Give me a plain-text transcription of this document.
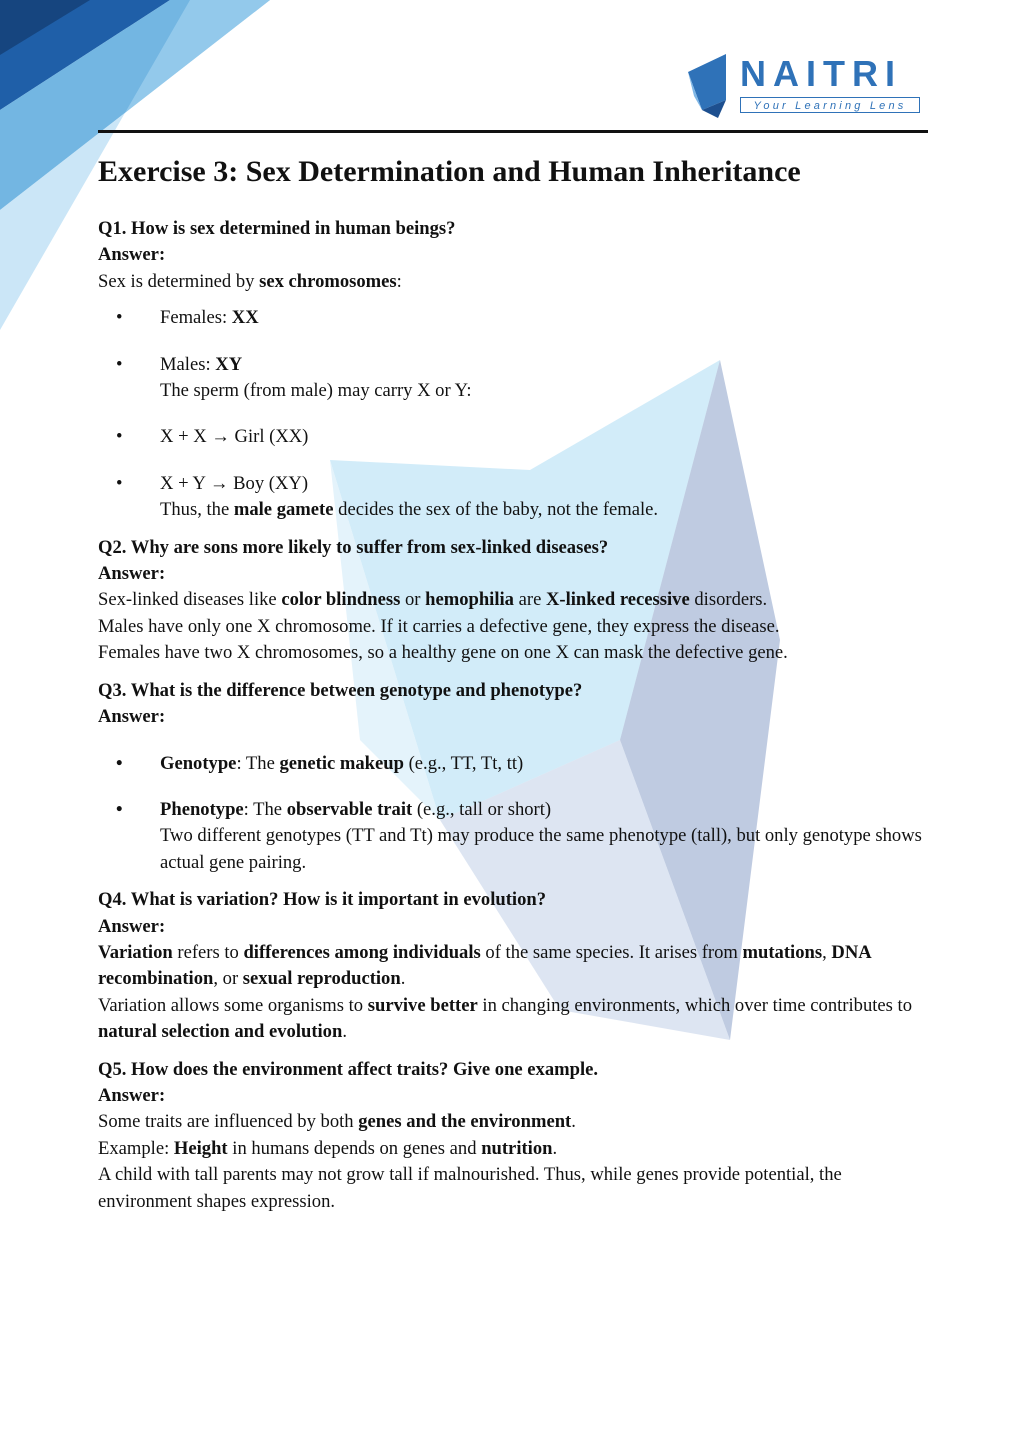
NAITRI
Your Learning Lens
Exercise 3: Sex Determination and Human Inheritance

Q1. How is sex determined in human beings?

Answer:

Sex is determined by sex chromosomes:

• Females: XX
• Males: XY
The sperm (from male) may carry X or Y:
• X + X → Girl (XX)
• X + Y → Boy (XY)
Thus, the male gamete decides the sex of the baby, not the female.

Q2. Why are sons more likely to suffer from sex-linked diseases?

Answer:

Sex-linked diseases like color blindness or hemophilia are X-linked recessive disorders.

Males have only one X chromosome. If it carries a defective gene, they express the disease.

Females have two X chromosomes, so a healthy gene on one X can mask the defective gene.

Q3. What is the difference between genotype and phenotype?

Answer:

• Genotype: The genetic makeup (e.g., TT, Tt, tt)
• Phenotype: The observable trait (e.g., tall or short)
Two different genotypes (TT and Tt) may produce the same phenotype (tall), but only genotype shows actual gene pairing.

Q4. What is variation? How is it important in evolution?

Answer:

Variation refers to differences among individuals of the same species. It arises from mutations, DNA recombination, or sexual reproduction.

Variation allows some organisms to survive better in changing environments, which over time contributes to natural selection and evolution.

Q5. How does the environment affect traits? Give one example.

Answer:

Some traits are influenced by both genes and the environment.

Example: Height in humans depends on genes and nutrition.

A child with tall parents may not grow tall if malnourished. Thus, while genes provide potential, the environment shapes expression.
